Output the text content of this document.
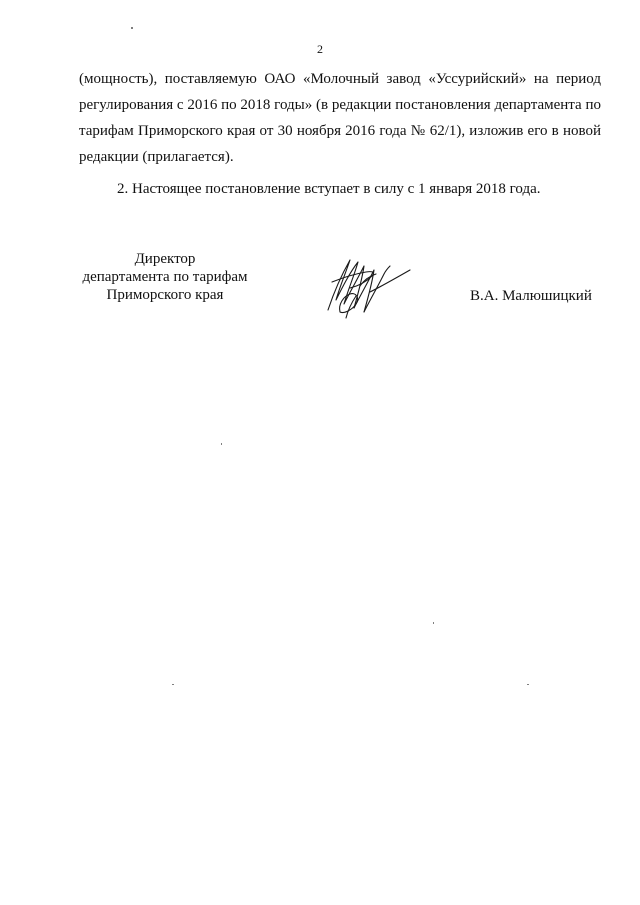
2

(мощность), поставляемую ОАО «Молочный завод «Уссурийский» на период регулирования с 2016 по 2018 годы» (в редакции постановления департамента по тарифам Приморского края от 30 ноября 2016 года № 62/1), изложив его в новой редакции (прилагается).

2. Настоящее постановление вступает в силу с 1 января 2018 года.

Директор
департамента по тарифам
Приморского края	В.А. Малюшицкий
